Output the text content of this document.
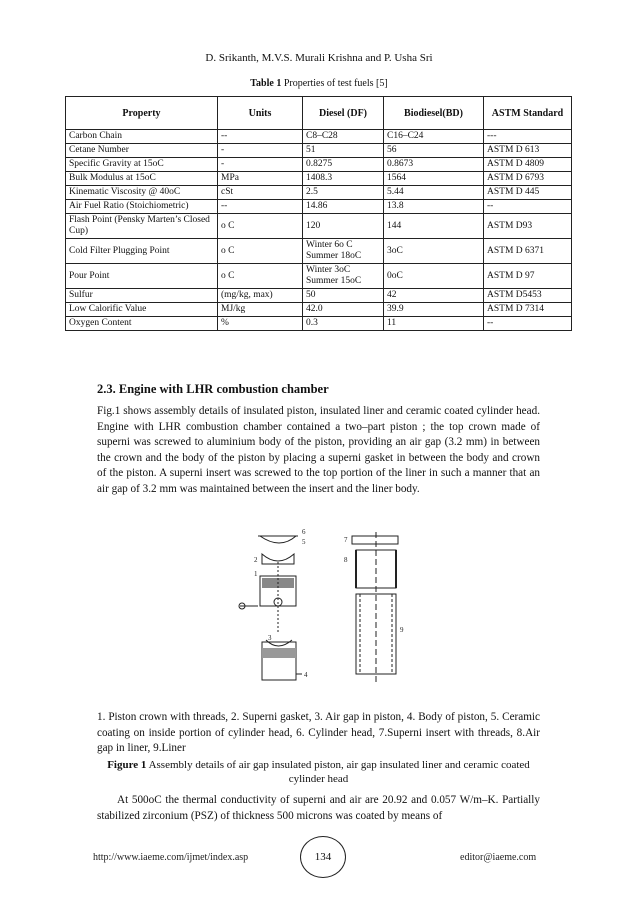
D. Srikanth, M.V.S. Murali Krishna and P. Usha Sri
Table 1 Properties of test fuels [5]
Property	Units	Diesel (DF)	Biodiesel(BD)	ASTM Standard
Carbon Chain	--	C8–C28	C16–C24	---
Cetane Number	-	51	56	ASTM D 613
Specific Gravity at 15oC	-	0.8275	0.8673	ASTM D 4809
Bulk Modulus at 15oC	MPa	1408.3	1564	ASTM D 6793
Kinematic Viscosity @ 40oC	cSt	2.5	5.44	ASTM D 445
Air Fuel Ratio (Stoichiometric)	--	14.86	13.8	--
Flash Point (Pensky Marten’s Closed Cup)	o C	120	144	ASTM D93
Cold Filter Plugging Point	o C	Winter 6o C Summer 18oC	3oC	ASTM D 6371
Pour Point	o C	Winter 3oC Summer 15oC	0oC	ASTM D 97
Sulfur	(mg/kg, max)	50	42	ASTM D5453
Low Calorific Value	MJ/kg	42.0	39.9	ASTM D 7314
Oxygen Content	%	0.3	11	--
2.3. Engine with LHR combustion chamber

Fig.1 shows assembly details of insulated piston, insulated liner and ceramic coated cylinder head. Engine with LHR combustion chamber contained a two–part piston ; the top crown made of superni was screwed to aluminium body of the piston, providing an air gap (3.2 mm) in between the crown and the body of the piston by placing a superni gasket in between the body and crown of the piston. A superni insert was screwed to the top portion of the liner in such a manner that an air gap of 3.2 mm was maintained between the insert and the liner body.

6
5
2
1
3
4
7
8
9

1. Piston crown with threads, 2. Superni gasket, 3. Air gap in piston, 4. Body of piston, 5. Ceramic coating on inside portion of cylinder head, 6. Cylinder head, 7.Superni insert with threads, 8.Air gap in liner, 9.Liner

Figure 1 Assembly details of air gap insulated piston, air gap insulated liner and ceramic coated cylinder head

At 500oC the thermal conductivity of superni and air are 20.92 and 0.057 W/m–K. Partially stabilized zirconium (PSZ) of thickness 500 microns was coated by means of

http://www.iaeme.com/ijmet/index.asp	134	editor@iaeme.com
